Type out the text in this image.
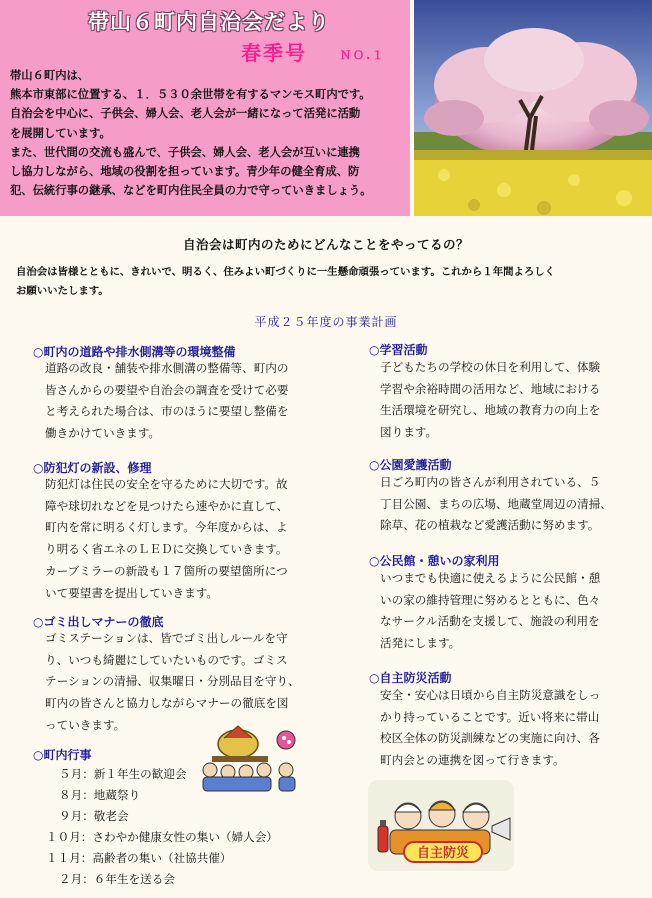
帯山６町内自治会だより
春季号	ＮＯ.１

帯山６町内は、

熊本市東部に位置する、１．５３０余世帯を有するマンモス町内です。

自治会を中心に、子供会、婦人会、老人会が一緒になって活発に活動

を展開しています。

また、世代間の交流も盛んで、子供会、婦人会、老人会が互いに連携

し協力しながら、地域の役割を担っています。青少年の健全育成、防

犯、伝統行事の継承、などを町内住民全員の力で守っていきましょう。

自治会は町内のためにどんなことをやってるの？
自治会は皆様とともに、きれいで、明るく、住みよい町づくりに一生懸命頑張っています。これから１年間よろしく
お願いいたします。
平成２５年度の事業計画
○町内の道路や排水側溝等の環境整備
道路の改良・舗装や排水側溝の整備等、町内の
皆さんからの要望や自治会の調査を受けて必要
と考えられた場合は、市のほうに要望し整備を
働きかけていきます。
○防犯灯の新設、修理
防犯灯は住民の安全を守るために大切です。故
障や球切れなどを見つけたら速やかに直して、
町内を常に明るく灯します。今年度からは、よ
り明るく省エネのＬＥＤに交換していきます。
カーブミラーの新設も１７箇所の要望箇所につ
いて要望書を提出していきます。
○ゴミ出しマナーの徹底
ゴミステーションは、皆でゴミ出しルールを守
り、いつも綺麗にしていたいものです。ゴミス
テーションの清掃、収集曜日・分別品目を守り、
町内の皆さんと協力しながらマナーの徹底を図
っていきます。
○町内行事
５月：新１年生の歓迎会
８月：地蔵祭り
９月：敬老会
１０月：さわやか健康女性の集い（婦人会）
１１月：高齢者の集い（社協共催）
２月：６年生を送る会
○学習活動
子どもたちの学校の休日を利用して、体験
学習や余裕時間の活用など、地域における
生活環境を研究し、地域の教育力の向上を
図ります。
○公園愛護活動
日ごろ町内の皆さんが利用されている、５
丁目公園、まちの広場、地蔵堂周辺の清掃、
除草、花の植栽など愛護活動に努めます。
○公民館・憩いの家利用
いつまでも快適に使えるように公民館・憩
いの家の維持管理に努めるとともに、色々
なサークル活動を支援して、施設の利用を
活発にします。
○自主防災活動
安全・安心は日頃から自主防災意識をしっ
かり持っていることです。近い将来に帯山
校区全体の防災訓練などの実施に向け、各
町内会との連携を図って行きます。
自主防災
